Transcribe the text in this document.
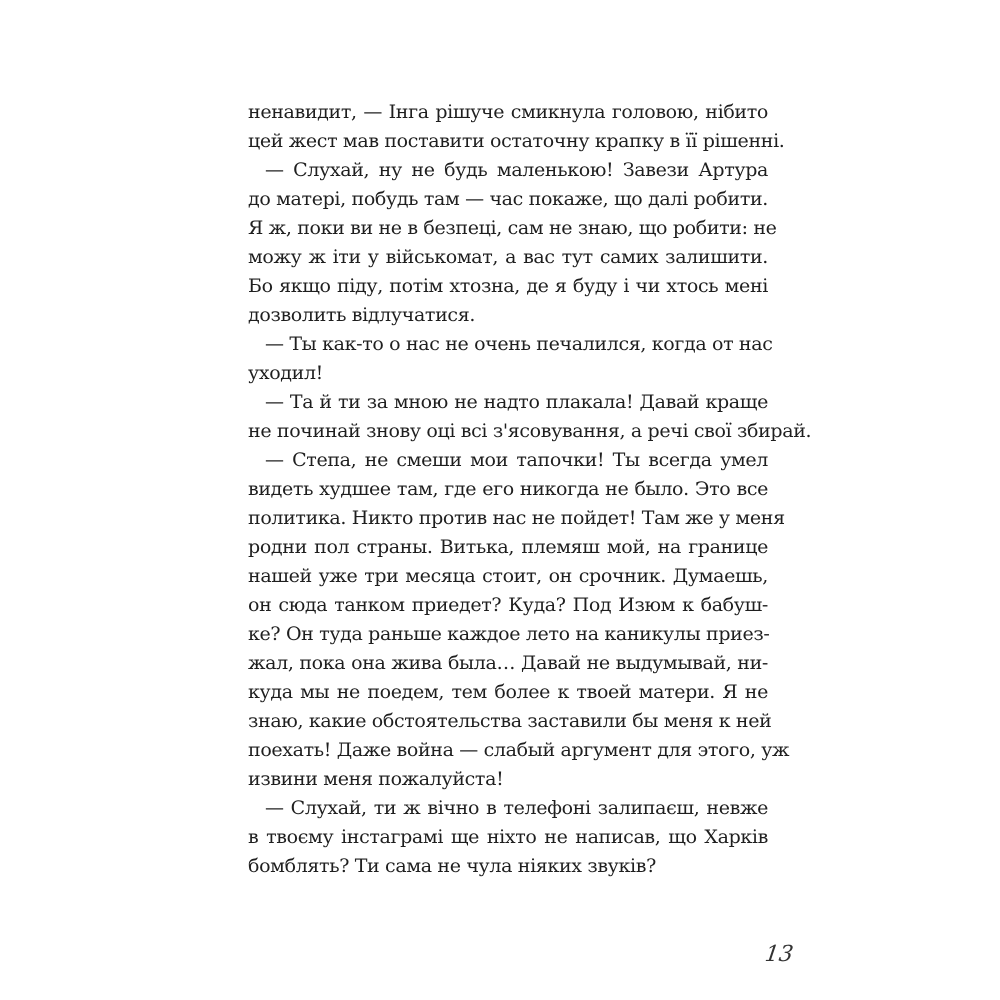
ненавидит, — Інга рішуче смикнула головою, нібито
цей жест мав поставити остаточну крапку в її рішенні.
— Слухай, ну не будь маленькою! Завези Артура
до матері, побудь там — час покаже, що далі робити.
Я ж, поки ви не в безпеці, сам не знаю, що робити: не
можу ж іти у військомат, а вас тут самих залишити.
Бо якщо піду, потім хтозна, де я буду і чи хтось мені
дозволить відлучатися.
— Ты как-то о нас не очень печалился, когда от нас
уходил!
— Та й ти за мною не надто плакала! Давай краще
не починай знову оці всі з'ясовування, а речі свої збирай.
— Степа, не смеши мои тапочки! Ты всегда умел
видеть худшее там, где его никогда не было. Это все
политика. Никто против нас не пойдет! Там же у меня
родни пол страны. Витька, племяш мой, на границе
нашей уже три месяца стоит, он срочник. Думаешь,
он сюда танком приедет? Куда? Под Изюм к бабуш-
ке? Он туда раньше каждое лето на каникулы приез-
жал, пока она жива была… Давай не выдумывай, ни-
куда мы не поедем, тем более к твоей матери. Я не
знаю, какие обстоятельства заставили бы меня к ней
поехать! Даже война — слабый аргумент для этого, уж
извини меня пожалуйста!
— Слухай, ти ж вічно в телефоні залипаєш, невже
в твоєму інстаграмі ще ніхто не написав, що Харків
бомблять? Ти сама не чула ніяких звуків?
13
